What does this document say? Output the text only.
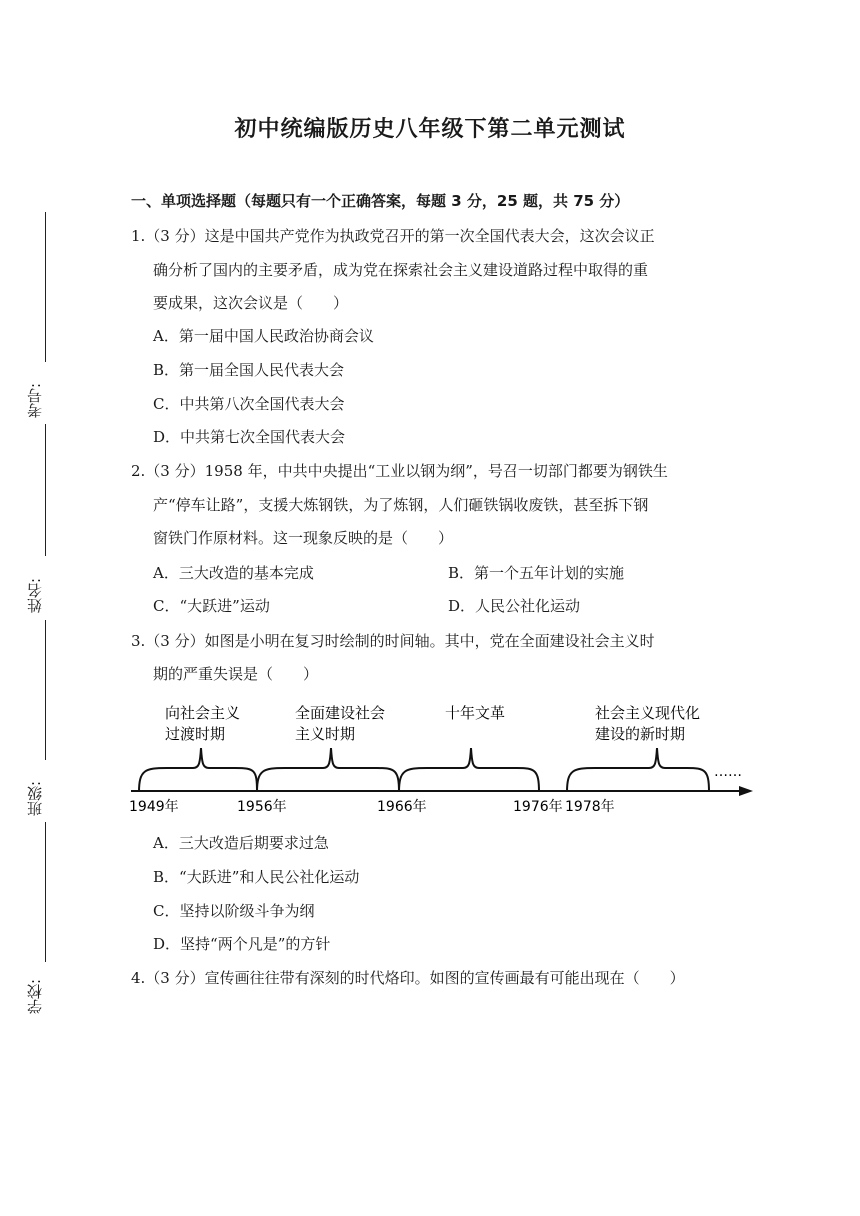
初中统编版历史八年级下第二单元测试
一、单项选择题（每题只有一个正确答案，每题 3 分，25 题，共 75 分）
考号:
姓名:
班级:
学校:
1.（3 分）这是中国共产党作为执政党召开的第一次全国代表大会，这次会议正
确分析了国内的主要矛盾，成为党在探索社会主义建设道路过程中取得的重
要成果，这次会议是（　　）
A．第一届中国人民政治协商会议
B．第一届全国人民代表大会
C．中共第八次全国代表大会
D．中共第七次全国代表大会
2.（3 分）1958 年，中共中央提出“工业以钢为纲”，号召一切部门都要为钢铁生
产“停车让路”，支援大炼钢铁，为了炼钢，人们砸铁锅收废铁，甚至拆下钢
窗铁门作原材料。这一现象反映的是（　　）
A．三大改造的基本完成	B．第一个五年计划的实施
C．“大跃进”运动	D．人民公社化运动
3.（3 分）如图是小明在复习时绘制的时间轴。其中，党在全面建设社会主义时
期的严重失误是（　　）
向社会主义
过渡时期
全面建设社会
主义时期
十年文革	社会主义现代化
建设的新时期
……
1949年	1956年	1966年	1976年 1978年
A．三大改造后期要求过急
B．“大跃进”和人民公社化运动
C．坚持以阶级斗争为纲
D．坚持“两个凡是”的方针
4.（3 分）宣传画往往带有深刻的时代烙印。如图的宣传画最有可能出现在（　　）
